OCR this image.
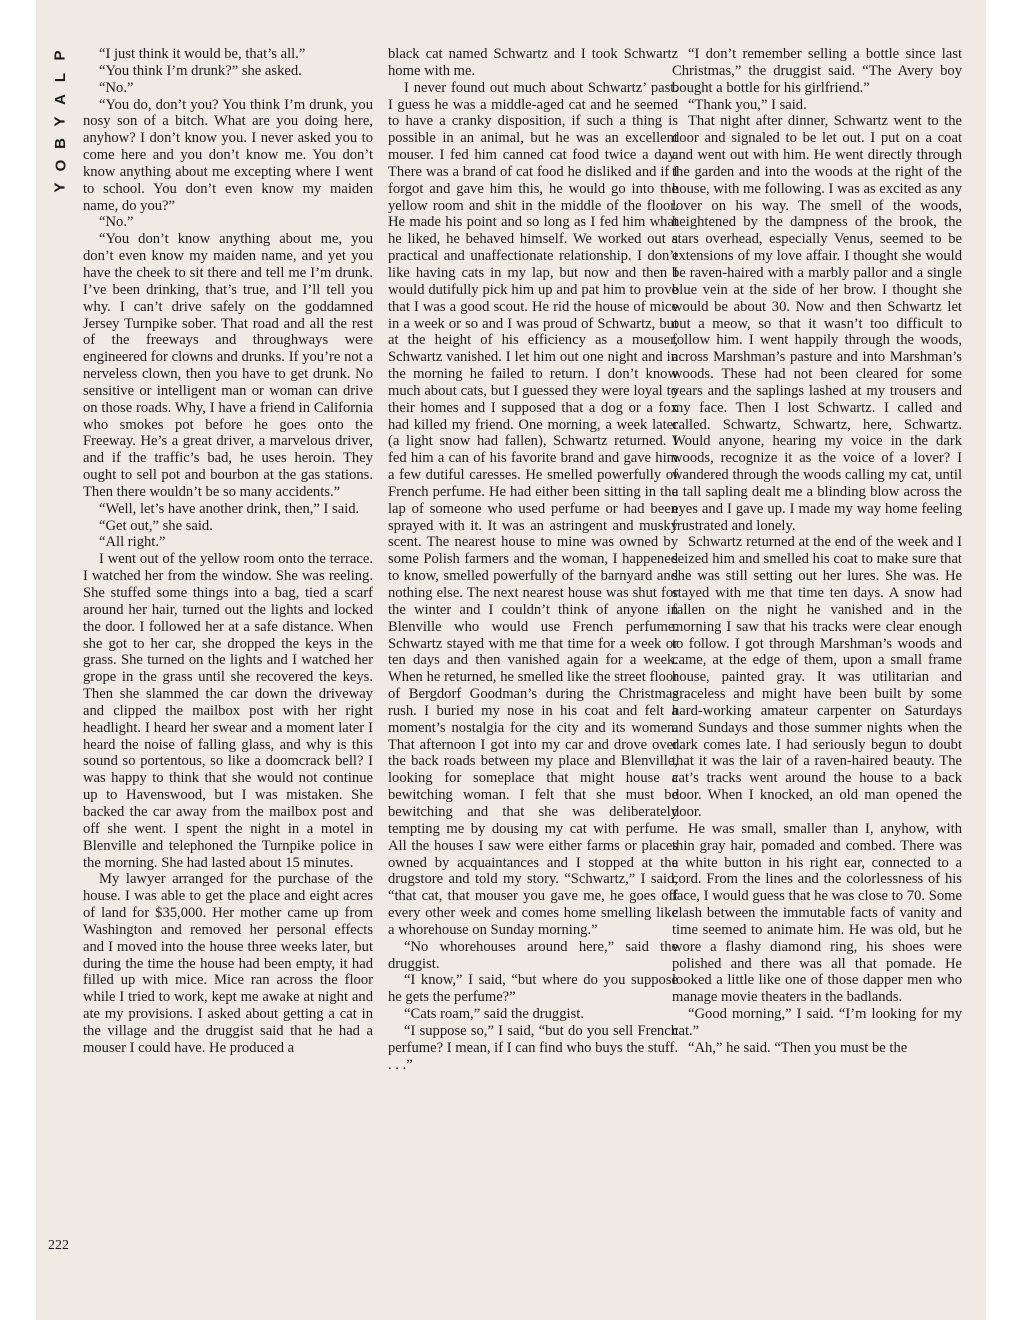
P
L
A
Y
B
O
Y
222

“I just think it would be, that’s all.”

“You think I’m drunk?” she asked.

“No.”

“You do, don’t you? You think I’m drunk, you nosy son of a bitch. What are you doing here, anyhow? I don’t know you. I never asked you to come here and you don’t know me. You don’t know anything about me excepting where I went to school. You don’t even know my maiden name, do you?”

“No.”

“You don’t know anything about me, you don’t even know my maiden name, and yet you have the cheek to sit there and tell me I’m drunk. I’ve been drinking, that’s true, and I’ll tell you why. I can’t drive safely on the goddamned Jersey Turnpike sober. That road and all the rest of the freeways and throughways were engineered for clowns and drunks. If you’re not a nerveless clown, then you have to get drunk. No sensitive or intelligent man or woman can drive on those roads. Why, I have a friend in California who smokes pot before he goes onto the Freeway. He’s a great driver, a marvelous driver, and if the traffic’s bad, he uses heroin. They ought to sell pot and bourbon at the gas stations. Then there wouldn’t be so many accidents.”

“Well, let’s have another drink, then,” I said.

“Get out,” she said.

“All right.”

I went out of the yellow room onto the terrace. I watched her from the window. She was reeling. She stuffed some things into a bag, tied a scarf around her hair, turned out the lights and locked the door. I followed her at a safe distance. When she got to her car, she dropped the keys in the grass. She turned on the lights and I watched her grope in the grass until she recovered the keys. Then she slammed the car down the driveway and clipped the mailbox post with her right headlight. I heard her swear and a moment later I heard the noise of falling glass, and why is this sound so portentous, so like a doomcrack bell? I was happy to think that she would not continue up to Havenswood, but I was mistaken. She backed the car away from the mailbox post and off she went. I spent the night in a motel in Blenville and telephoned the Turnpike police in the morning. She had lasted about 15 minutes.

My lawyer arranged for the purchase of the house. I was able to get the place and eight acres of land for $35,000. Her mother came up from Washington and removed her personal effects and I moved into the house three weeks later, but during the time the house had been empty, it had filled up with mice. Mice ran across the floor while I tried to work, kept me awake at night and ate my provisions. I asked about getting a cat in the village and the druggist said that he had a mouser I could have. He produced a

black cat named Schwartz and I took Schwartz home with me.

I never found out much about Schwartz’ past. I guess he was a middle-aged cat and he seemed to have a cranky disposition, if such a thing is possible in an animal, but he was an excellent mouser. I fed him canned cat food twice a day. There was a brand of cat food he disliked and if I forgot and gave him this, he would go into the yellow room and shit in the middle of the floor. He made his point and so long as I fed him what he liked, he behaved himself. We worked out a practical and unaffectionate relationship. I don’t like having cats in my lap, but now and then I would dutifully pick him up and pat him to prove that I was a good scout. He rid the house of mice in a week or so and I was proud of Schwartz, but at the height of his efficiency as a mouser, Schwartz vanished. I let him out one night and in the morning he failed to return. I don’t know much about cats, but I guessed they were loyal to their homes and I supposed that a dog or a fox had killed my friend. One morning, a week later (a light snow had fallen), Schwartz returned. I fed him a can of his favorite brand and gave him a few dutiful caresses. He smelled powerfully of French perfume. He had either been sitting in the lap of someone who used perfume or had been sprayed with it. It was an astringent and musky scent. The nearest house to mine was owned by some Polish farmers and the woman, I happened to know, smelled powerfully of the barnyard and nothing else. The next nearest house was shut for the winter and I couldn’t think of anyone in Blenville who would use French perfume. Schwartz stayed with me that time for a week or ten days and then vanished again for a week. When he returned, he smelled like the street floor of Bergdorf Goodman’s during the Christmas rush. I buried my nose in his coat and felt a moment’s nostalgia for the city and its women. That afternoon I got into my car and drove over the back roads between my place and Blenville, looking for someplace that might house a bewitching woman. I felt that she must be bewitching and that she was deliberately tempting me by dousing my cat with perfume. All the houses I saw were either farms or places owned by acquaintances and I stopped at the drugstore and told my story. “Schwartz,” I said, “that cat, that mouser you gave me, he goes off every other week and comes home smelling like a whorehouse on Sunday morning.”

“No whorehouses around here,” said the druggist.

“I know,” I said, “but where do you suppose he gets the perfume?”

“Cats roam,” said the druggist.

“I suppose so,” I said, “but do you sell French perfume? I mean, if I can find who buys the stuff. . . .”

“I don’t remember selling a bottle since last Christmas,” the druggist said. “The Avery boy bought a bottle for his girlfriend.”

“Thank you,” I said.

That night after dinner, Schwartz went to the door and signaled to be let out. I put on a coat and went out with him. He went directly through the garden and into the woods at the right of the house, with me following. I was as excited as any lover on his way. The smell of the woods, heightened by the dampness of the brook, the stars overhead, especially Venus, seemed to be extensions of my love affair. I thought she would be raven-haired with a marbly pallor and a single blue vein at the side of her brow. I thought she would be about 30. Now and then Schwartz let out a meow, so that it wasn’t too difficult to follow him. I went happily through the woods, across Marshman’s pasture and into Marshman’s woods. These had not been cleared for some years and the saplings lashed at my trousers and my face. Then I lost Schwartz. I called and called. Schwartz, Schwartz, here, Schwartz. Would anyone, hearing my voice in the dark woods, recognize it as the voice of a lover? I wandered through the woods calling my cat, until a tall sapling dealt me a blinding blow across the eyes and I gave up. I made my way home feeling frustrated and lonely.

Schwartz returned at the end of the week and I seized him and smelled his coat to make sure that she was still setting out her lures. She was. He stayed with me that time ten days. A snow had fallen on the night he vanished and in the morning I saw that his tracks were clear enough to follow. I got through Marshman’s woods and came, at the edge of them, upon a small frame house, painted gray. It was utilitarian and graceless and might have been built by some hard-working amateur carpenter on Saturdays and Sundays and those summer nights when the dark comes late. I had seriously begun to doubt that it was the lair of a raven-haired beauty. The cat’s tracks went around the house to a back door. When I knocked, an old man opened the door.

He was small, smaller than I, anyhow, with thin gray hair, pomaded and combed. There was a white button in his right ear, connected to a cord. From the lines and the colorlessness of his face, I would guess that he was close to 70. Some clash between the immutable facts of vanity and time seemed to animate him. He was old, but he wore a flashy diamond ring, his shoes were polished and there was all that pomade. He looked a little like one of those dapper men who manage movie theaters in the badlands.

“Good morning,” I said. “I’m looking for my cat.”

“Ah,” he said. “Then you must be the
